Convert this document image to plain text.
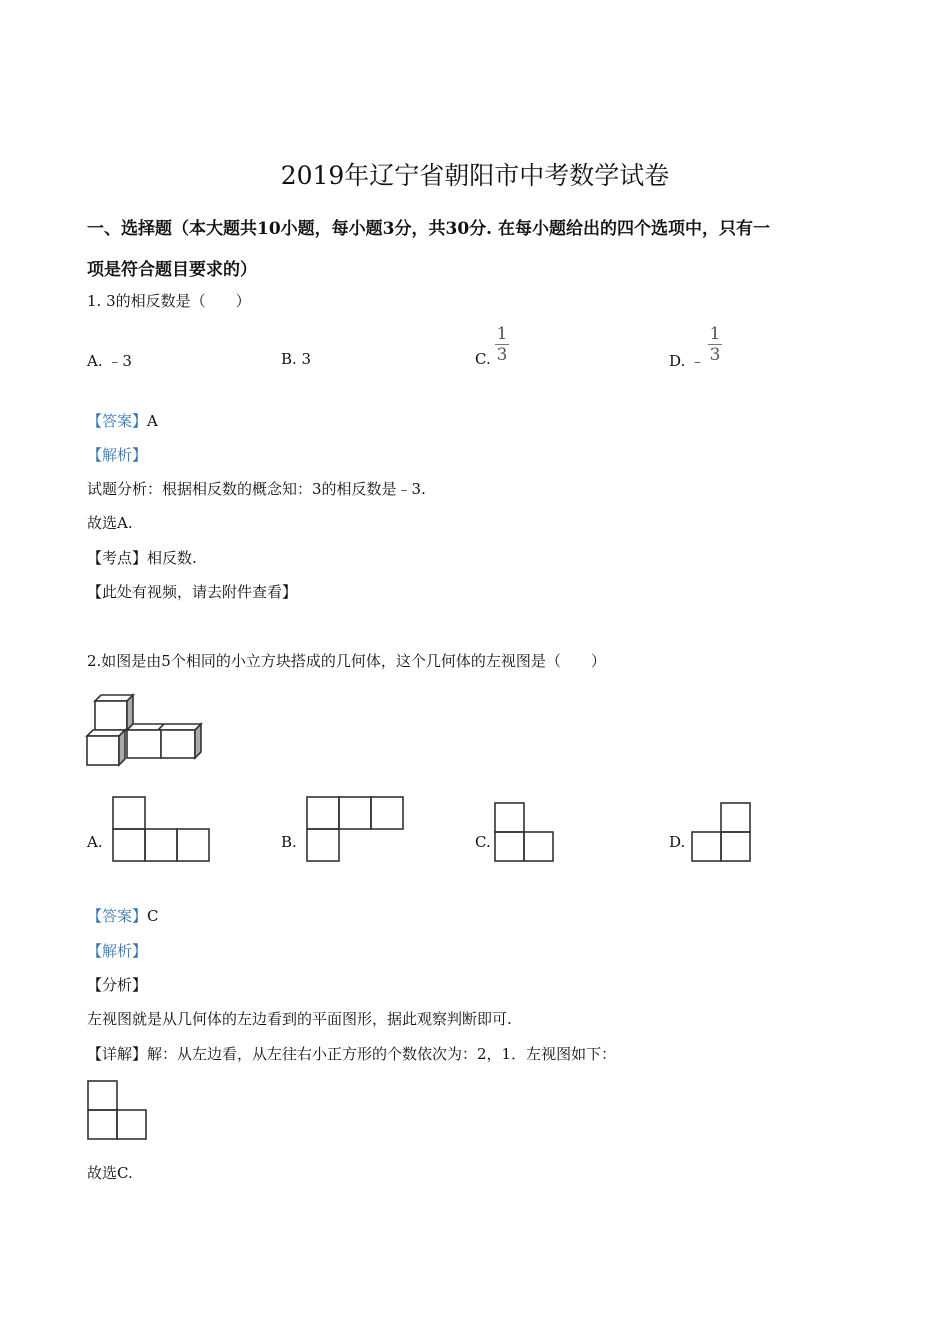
2019年辽宁省朝阳市中考数学试卷
一、选择题（本大题共10小题，每小题3分，共30分. 在每小题给出的四个选项中，只有一
项是符合题目要求的）
1. 3的相反数是（　　）
A. ﹣3	B. 3	C.
1
3	D. ﹣
1
3
【答案】A
【解析】
试题分析：根据相反数的概念知：3的相反数是﹣3.
故选A.
【考点】相反数.
【此处有视频，请去附件查看】
2.如图是由5个相同的小立方块搭成的几何体，这个几何体的左视图是（　　）
A.	B.	C.	D.
【答案】C
【解析】
【分析】
左视图就是从几何体的左边看到的平面图形，据此观察判断即可.
【详解】解：从左边看，从左往右小正方形的个数依次为：2，1．左视图如下：
故选C.
